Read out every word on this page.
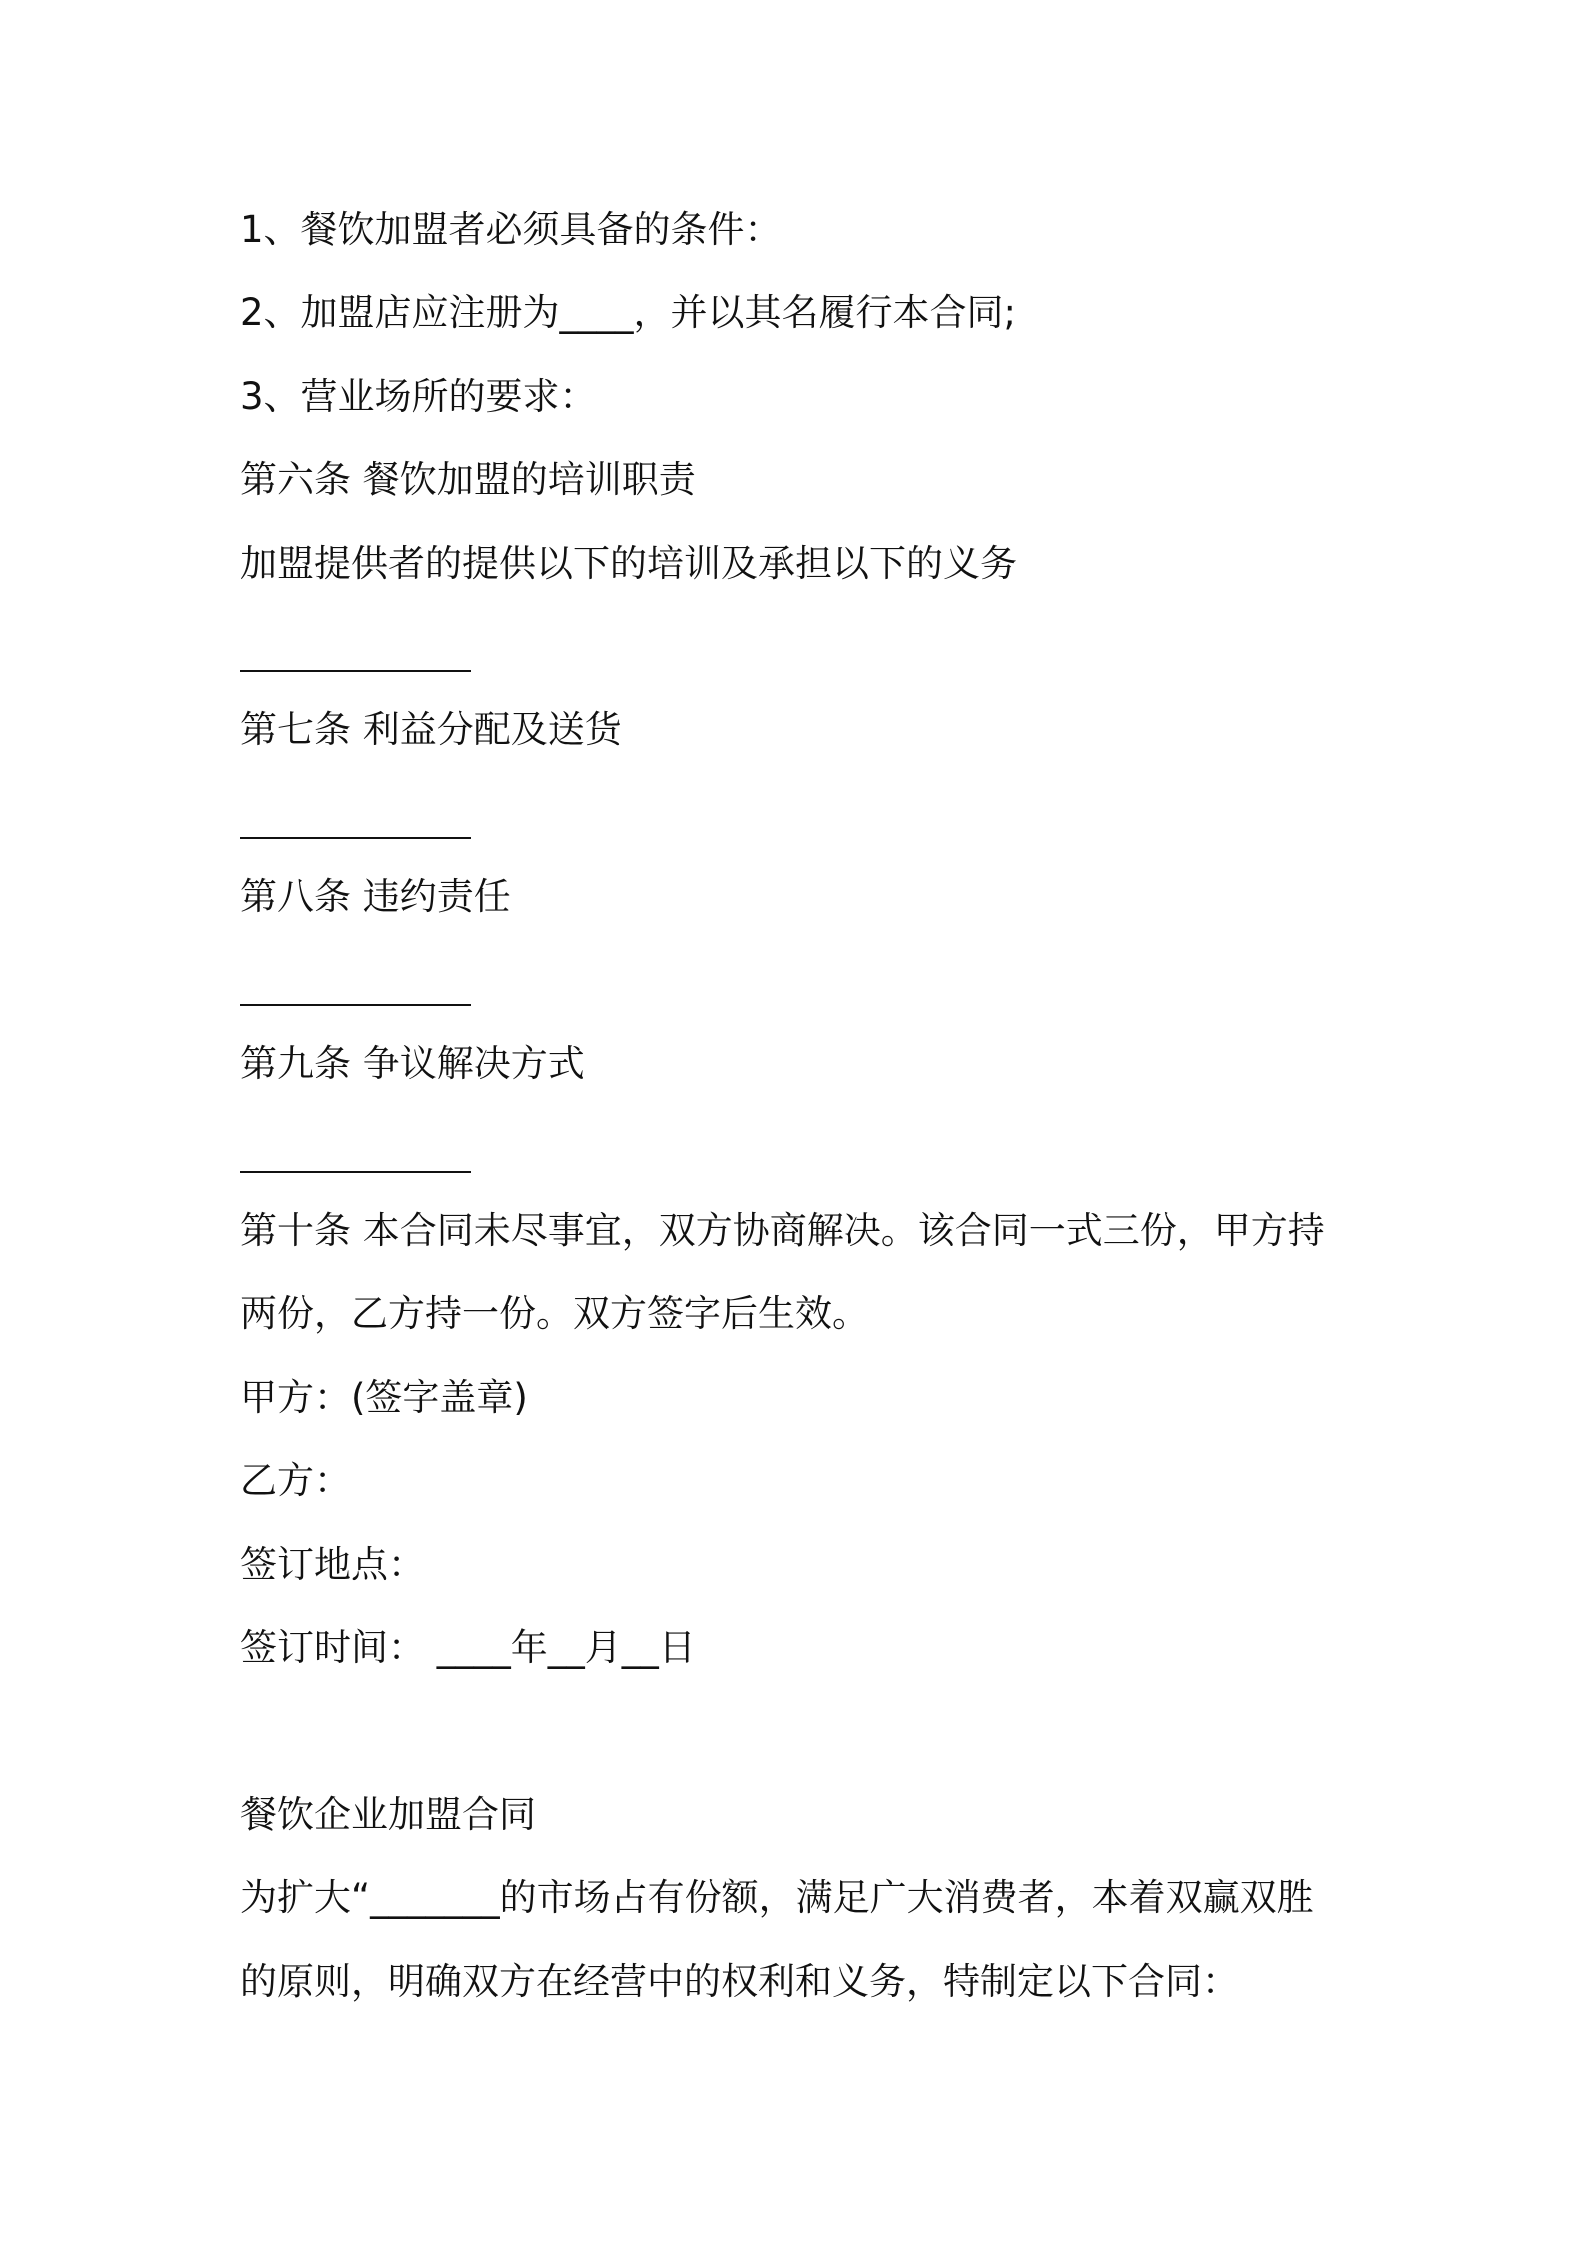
1、餐饮加盟者必须具备的条件：
2、加盟店应注册为____，并以其名履行本合同;
3、营业场所的要求：
第六条 餐饮加盟的培训职责
加盟提供者的提供以下的培训及承担以下的义务
第七条 利益分配及送货
第八条 违约责任
第九条 争议解决方式
第十条 本合同未尽事宜，双方协商解决。该合同一式三份，甲方持
两份，乙方持一份。双方签字后生效。
甲方：(签字盖章)
乙方：
签订地点：
签订时间： ____年__月__日
餐饮企业加盟合同
为扩大“_______的市场占有份额，满足广大消费者，本着双赢双胜
的原则，明确双方在经营中的权利和义务，特制定以下合同：
